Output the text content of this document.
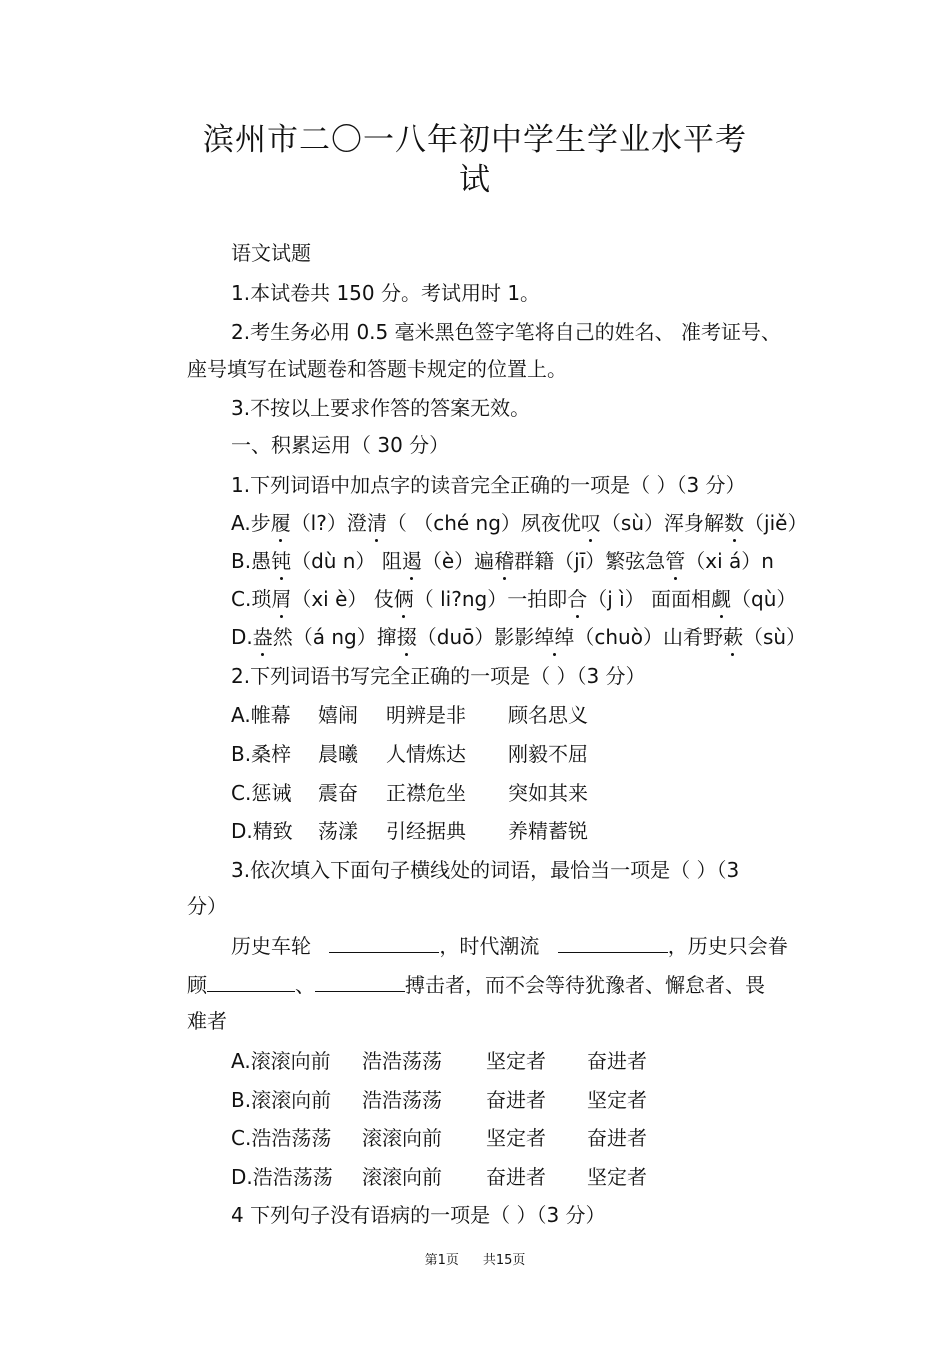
滨州市二〇一八年初中学生学业水平考
试
语文试题
1.本试卷共 150 分。考试用时 1。
2.考生务必用 0.5 毫米黑色签字笔将自己的姓名、 准考证号、
座号填写在试题卷和答题卡规定的位置上。
3.不按以上要求作答的答案无效。
一、积累运用（ 30 分）
1.下列词语中加点字的读音完全正确的一项是（ ）（3 分）
A.步履（l?）澄清（ （ché ng）夙夜优叹（sù）浑身解数（jiě）
B.愚钝（dù n） 阻遏（è）遍稽群籍（jī）繁弦急管（xi á）n
C.琐屑（xi è） 伎俩（ li?ng）一拍即合（j ì） 面面相觑（qù）
D.盎然（á ng）撺掇（duō）影影绰绰（chuò）山肴野蔌（sù）
2.下列词语书写完全正确的一项是（ ）（3 分）
A.帷幕 嬉闹 明辨是非 顾名思义
B.桑梓 晨曦 人情炼达 刚毅不屈
C.惩诫 震奋 正襟危坐 突如其来
D.精致 荡漾 引经据典 养精蓄锐
3.依次填入下面句子横线处的词语，最恰当一项是（ ）（3
分）
历史车轮	，时代潮流	，历史只会眷
顾	、	搏击者，而不会等待犹豫者、懈怠者、畏
难者
A.滚滚向前 浩浩荡荡 坚定者 奋进者
B.滚滚向前 浩浩荡荡 奋进者 坚定者
C.浩浩荡荡 滚滚向前 坚定者 奋进者
D.浩浩荡荡 滚滚向前 奋进者 坚定者
4 下列句子没有语病的一项是（ ）（3 分）
第1页 共15页
